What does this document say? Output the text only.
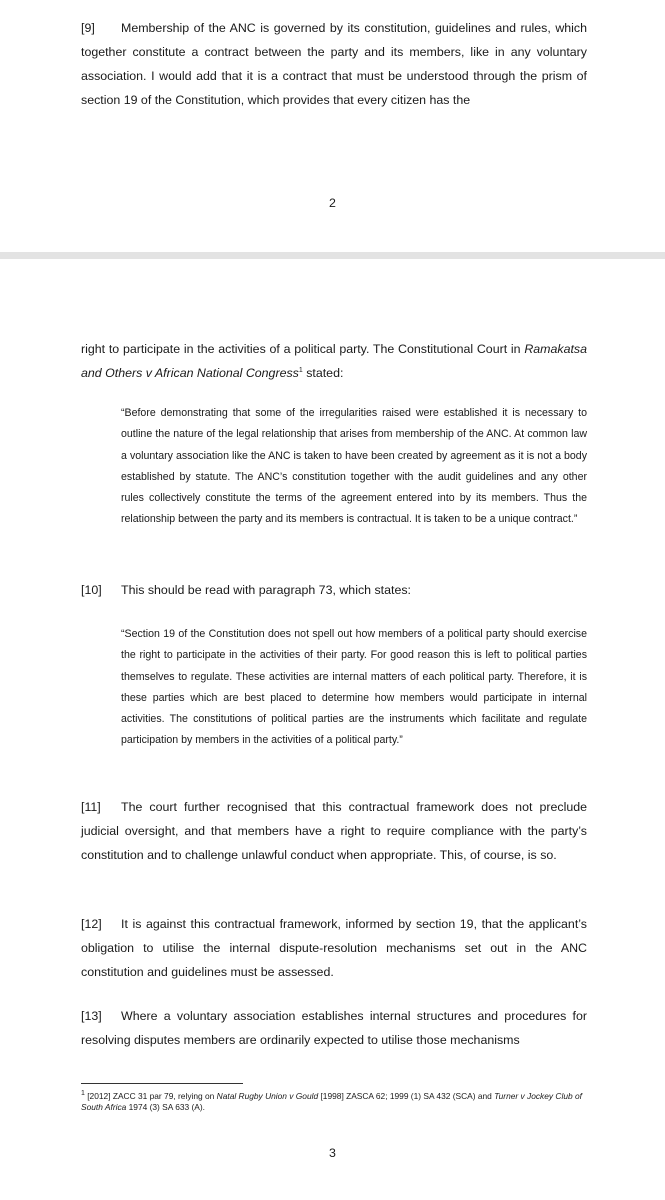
[9] Membership of the ANC is governed by its constitution, guidelines and rules, which together constitute a contract between the party and its members, like in any voluntary association. I would add that it is a contract that must be understood through the prism of section 19 of the Constitution, which provides that every citizen has the

2

right to participate in the activities of a political party. The Constitutional Court in Ramakatsa and Others v African National Congress$^1$ stated:

“Before demonstrating that some of the irregularities raised were established it is necessary to outline the nature of the legal relationship that arises from membership of the ANC. At common law a voluntary association like the ANC is taken to have been created by agreement as it is not a body established by statute. The ANC’s constitution together with the audit guidelines and any other rules collectively constitute the terms of the agreement entered into by its members. Thus the relationship between the party and its members is contractual. It is taken to be a unique contract.”

[10] This should be read with paragraph 73, which states:

“Section 19 of the Constitution does not spell out how members of a political party should exercise the right to participate in the activities of their party. For good reason this is left to political parties themselves to regulate. These activities are internal matters of each political party. Therefore, it is these parties which are best placed to determine how members would participate in internal activities. The constitutions of political parties are the instruments which facilitate and regulate participation by members in the activities of a political party.”

[11] The court further recognised that this contractual framework does not preclude judicial oversight, and that members have a right to require compliance with the party’s constitution and to challenge unlawful conduct when appropriate. This, of course, is so.

[12] It is against this contractual framework, informed by section 19, that the applicant’s obligation to utilise the internal dispute-resolution mechanisms set out in the ANC constitution and guidelines must be assessed.

[13] Where a voluntary association establishes internal structures and procedures for resolving disputes members are ordinarily expected to utilise those mechanisms

$^1$ [2012] ZACC 31 par 79, relying on Natal Rugby Union v Gould [1998] ZASCA 62; 1999 (1) SA 432 (SCA) and Turner v Jockey Club of South Africa 1974 (3) SA 633 (A).

3
